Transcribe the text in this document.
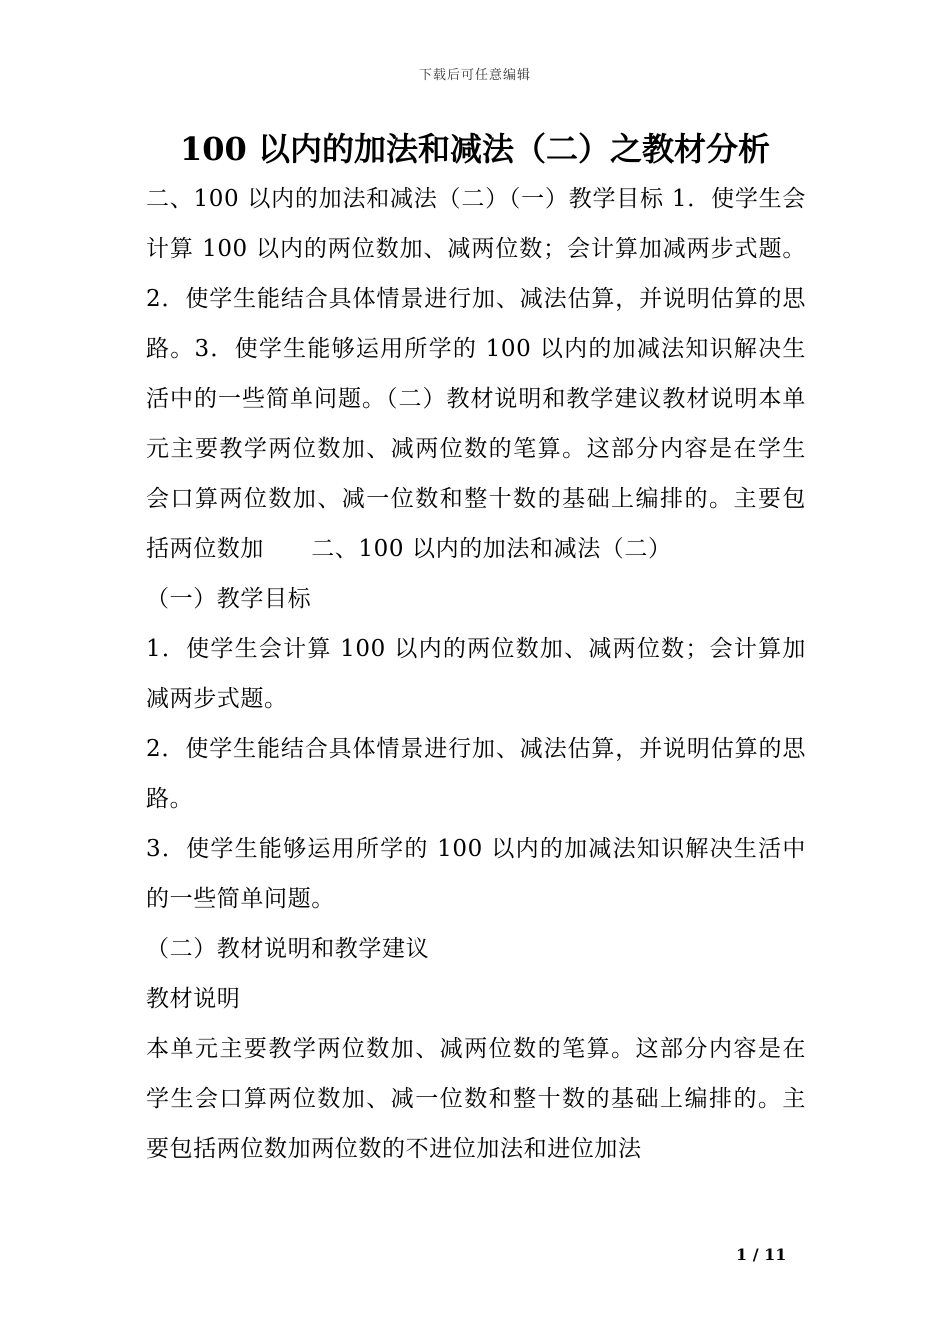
下载后可任意编辑
100 以内的加法和减法（二）之教材分析

二、100 以内的加法和减法（二）（一）教学目标 1．使学生会计算 100 以内的两位数加、减两位数；会计算加减两步式题。2．使学生能结合具体情景进行加、减法估算，并说明估算的思路。3．使学生能够运用所学的 100 以内的加减法知识解决生活中的一些简单问题。（二）教材说明和教学建议教材说明本单元主要教学两位数加、减两位数的笔算。这部分内容是在学生会口算两位数加、减一位数和整十数的基础上编排的。主要包括两位数加　　二、100 以内的加法和减法（二）

（一）教学目标

1．使学生会计算 100 以内的两位数加、减两位数；会计算加减两步式题。

2．使学生能结合具体情景进行加、减法估算，并说明估算的思路。

3．使学生能够运用所学的 100 以内的加减法知识解决生活中的一些简单问题。

（二）教材说明和教学建议

教材说明

本单元主要教学两位数加、减两位数的笔算。这部分内容是在学生会口算两位数加、减一位数和整十数的基础上编排的。主要包括两位数加两位数的不进位加法和进位加法

1 / 11
